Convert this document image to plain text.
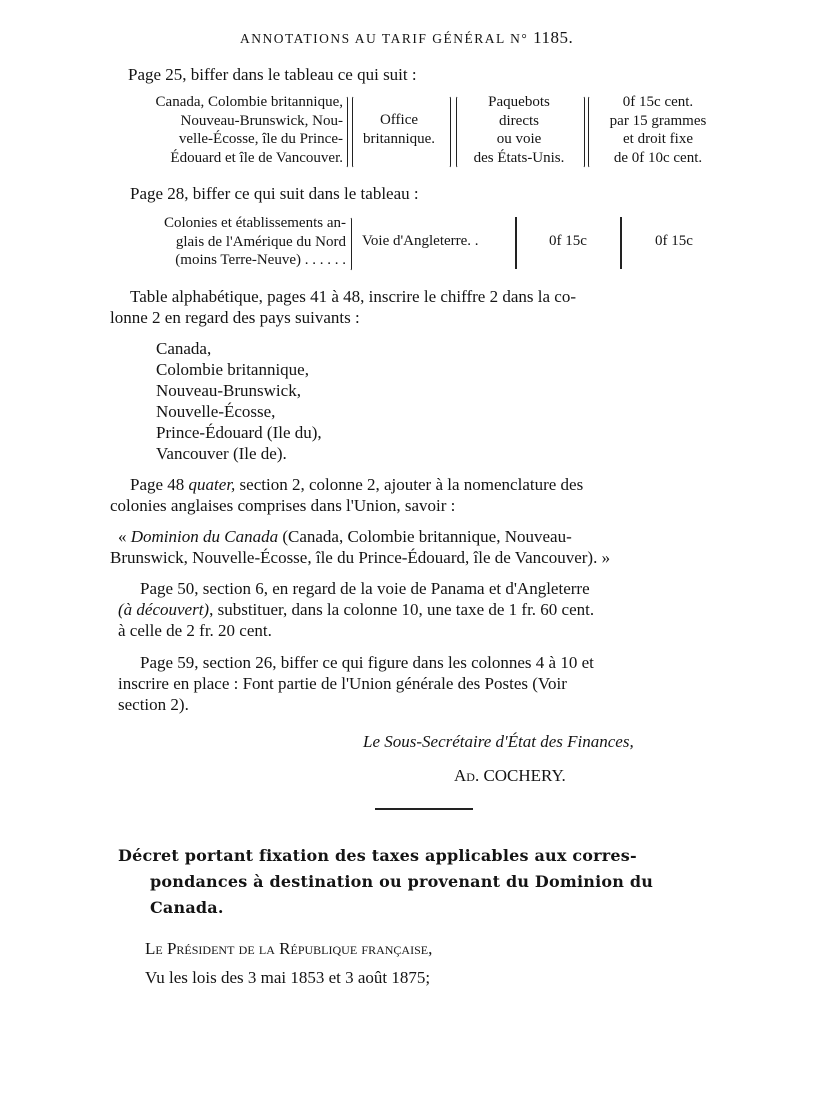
ANNOTATIONS AU TARIF GÉNÉRAL N° 1185.
Page 25, biffer dans le tableau ce qui suit :
Canada, Colombie britannique,
Nouveau-Brunswick, Nou-
velle-Écosse, île du Prince-
Édouard et île de Vancouver.
Office
britannique.
Paquebots
directs
ou voie
des États-Unis.
0f 15c cent.
par 15 grammes
et droit fixe
de 0f 10c cent.
Page 28, biffer ce qui suit dans le tableau :
Colonies et établissements an-
glais de l'Amérique du Nord
(moins Terre-Neuve) . . . . . .
Voie d'Angleterre. .	0f 15c	0f 15c
Table alphabétique, pages 41 à 48, inscrire le chiffre 2 dans la co-
lonne 2 en regard des pays suivants :
Canada,
Colombie britannique,
Nouveau-Brunswick,
Nouvelle-Écosse,
Prince-Édouard (Ile du),
Vancouver (Ile de).
Page 48 quater, section 2, colonne 2, ajouter à la nomenclature des
colonies anglaises comprises dans l'Union, savoir :
« Dominion du Canada (Canada, Colombie britannique, Nouveau-
Brunswick, Nouvelle-Écosse, île du Prince-Édouard, île de Vancouver). »
Page 50, section 6, en regard de la voie de Panama et d'Angleterre
(à découvert), substituer, dans la colonne 10, une taxe de 1 fr. 60 cent.
à celle de 2 fr. 20 cent.
Page 59, section 26, biffer ce qui figure dans les colonnes 4 à 10 et
inscrire en place : Font partie de l'Union générale des Postes (Voir
section 2).
Le Sous-Secrétaire d'État des Finances,
Ad. COCHERY.
Décret portant fixation des taxes applicables aux corres-
pondances à destination ou provenant du Dominion du
Canada.
Le Président de la République française,
Vu les lois des 3 mai 1853 et 3 août 1875;
